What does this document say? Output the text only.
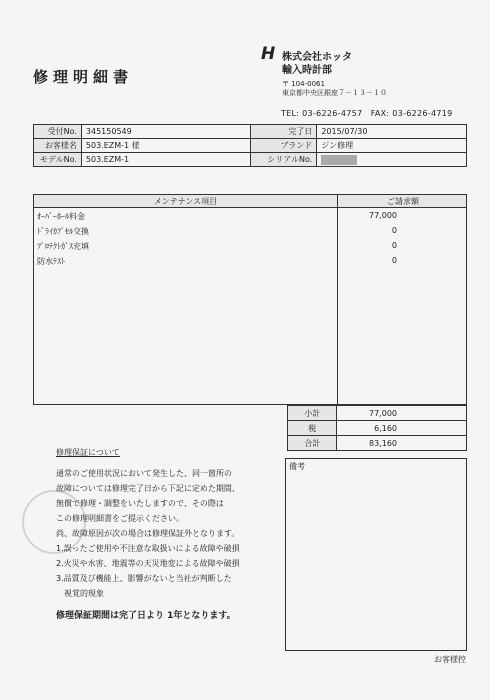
修理明細書
H 株式会社ホッタ
輸入時計部
〒 104-0061
東京都中央区銀座７－１３－１０
TEL: 03-6226-4757　FAX: 03-6226-4719
受付No.	345150549	完了日	2015/07/30
お客様名	503.EZM-1 様	ブランド	ジン修理
モデルNo.	503.EZM-1	シリアルNo.	
メンテナンス項目	ご請求額
ｵｰﾊﾞｰﾎｰﾙ料金	77,000
ﾄﾞﾗｲｶﾌﾟｾﾙ交換	0
ﾌﾟﾛﾃｸﾄｶﾞｽ充填	0
防水ﾃｽﾄ	0
小計	77,000
税	6,160
合計	83,160
修理保証について
通常のご使用状況において発生した、同一箇所の
故障については修理完了日から下記に定めた期間、
無償で修理・調整をいたしますので、その際は
この修理明細書をご提示ください。
尚、故障原因が次の場合は修理保証外となります。
1.誤ったご使用や不注意な取扱いによる故障や破損
2.火災や水害、地震等の天災地変による故障や破損
3.品質及び機能上、影響がないと当社が判断した
　視覚的現象
修理保証期間は完了日より 1年となります。
備考
お客様控
